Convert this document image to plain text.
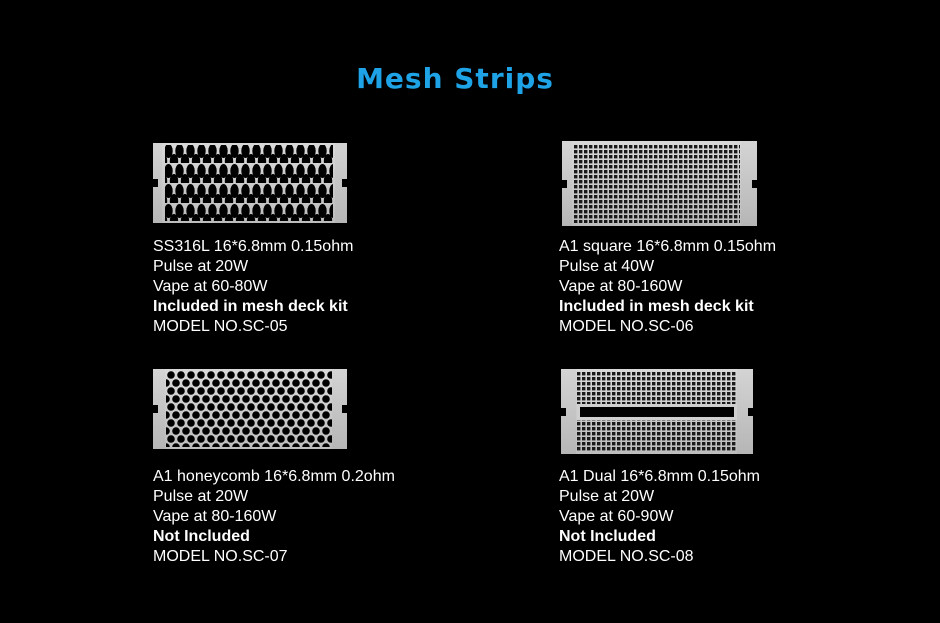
Mesh Strips
SS316L 16*6.8mm 0.15ohm
Pulse at 20W
Vape at 60-80W
Included in mesh deck kit
MODEL NO.SC-05
A1 square 16*6.8mm 0.15ohm
Pulse at 40W
Vape at 80-160W
Included in mesh deck kit
MODEL NO.SC-06
A1 honeycomb 16*6.8mm 0.2ohm
Pulse at 20W
Vape at 80-160W
Not Included
MODEL NO.SC-07
A1 Dual 16*6.8mm 0.15ohm
Pulse at 20W
Vape at 60-90W
Not Included
MODEL NO.SC-08
